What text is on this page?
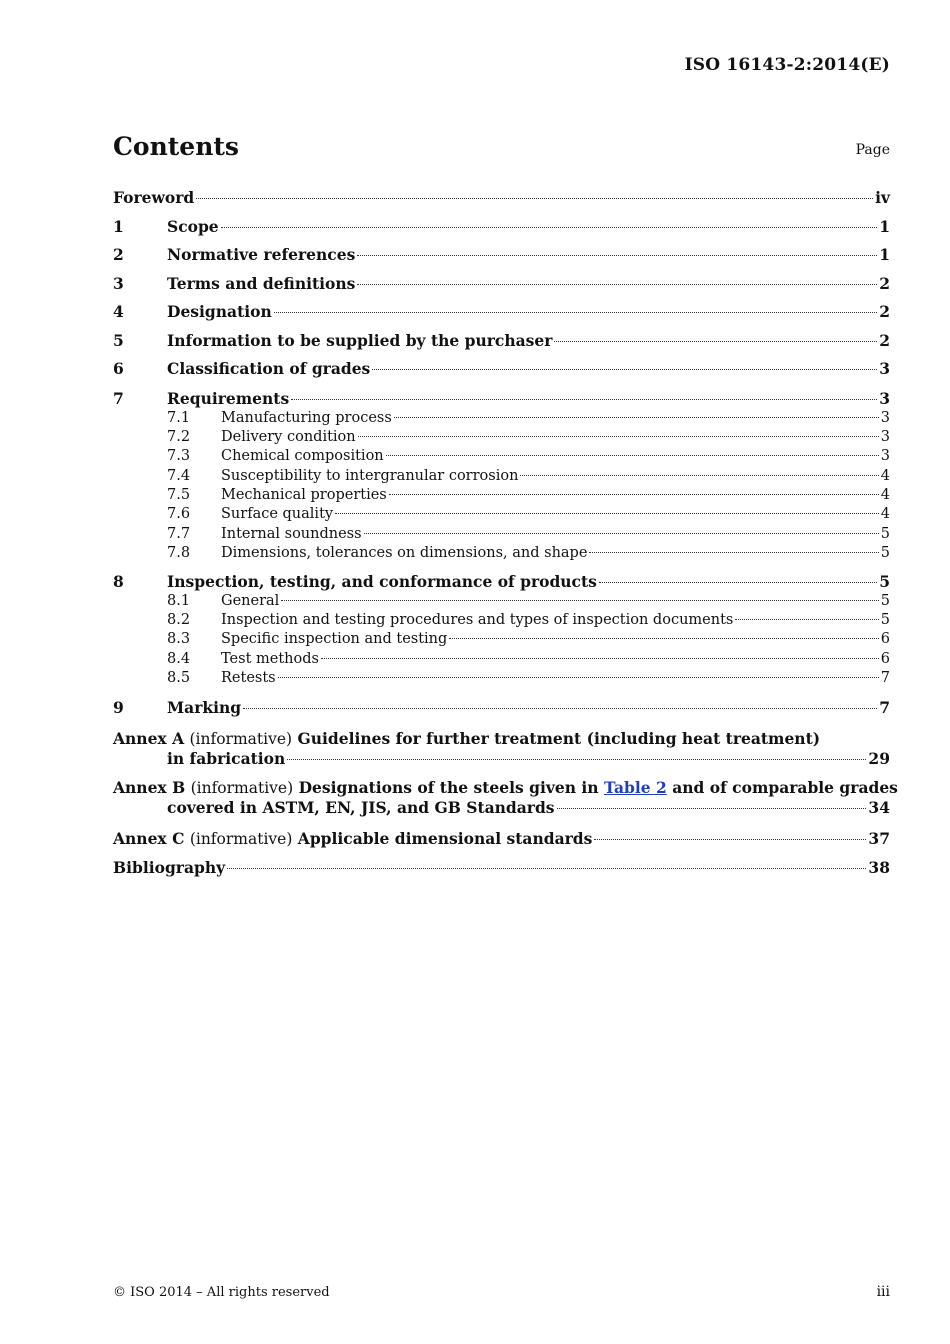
ISO 16143-2:2014(E)
Contents	Page
Foreword	iv
1	Scope	1
2	Normative references	1
3	Terms and definitions	2
4	Designation	2
5	Information to be supplied by the purchaser	2
6	Classification of grades	3
7	Requirements	3
7.1	Manufacturing process	3
7.2	Delivery condition	3
7.3	Chemical composition	3
7.4	Susceptibility to intergranular corrosion	4
7.5	Mechanical properties	4
7.6	Surface quality	4
7.7	Internal soundness	5
7.8	Dimensions, tolerances on dimensions, and shape	5
8	Inspection, testing, and conformance of products	5
8.1	General	5
8.2	Inspection and testing procedures and types of inspection documents	5
8.3	Specific inspection and testing	6
8.4	Test methods	6
8.5	Retests	7
9	Marking	7
Annex A (informative) Guidelines for further treatment (including heat treatment)
in fabrication	29
Annex B (informative) Designations of the steels given in Table 2 and of comparable grades
covered in ASTM, EN, JIS, and GB Standards	34
Annex C (informative) Applicable dimensional standards	37
Bibliography	38
© ISO 2014 – All rights reserved	iii
